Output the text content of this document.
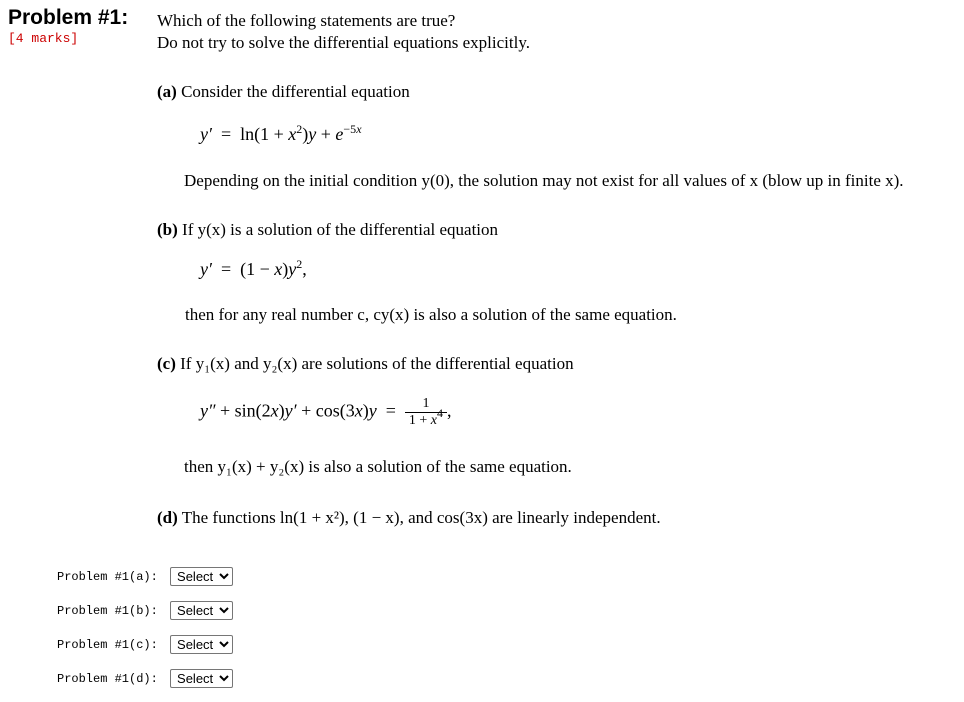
Problem #1:
[4 marks]
Which of the following statements are true?
Do not try to solve the differential equations explicitly.
(a) Consider the differential equation
$y' = \ln(1 + x^2)y + e^{-5x}$
Depending on the initial condition y(0), the solution may not exist for all values of x (blow up in finite x).
(b) If y(x) is a solution of the differential equation
$y' = (1 - x)y^2$,
then for any real number c, cy(x) is also a solution of the same equation.
(c) If y₁(x) and y₂(x) are solutions of the differential equation
$y'' + \sin(2x)y' + \cos(3x)y = \frac{1}{1 + x^4}$ ,
then y₁(x) + y₂(x) is also a solution of the same equation.
(d) The functions ln(1 + x²), (1 − x), and cos(3x) are linearly independent.
Problem #1(a):
Select
Problem #1(b):
Select
Problem #1(c):
Select
Problem #1(d):
Select
